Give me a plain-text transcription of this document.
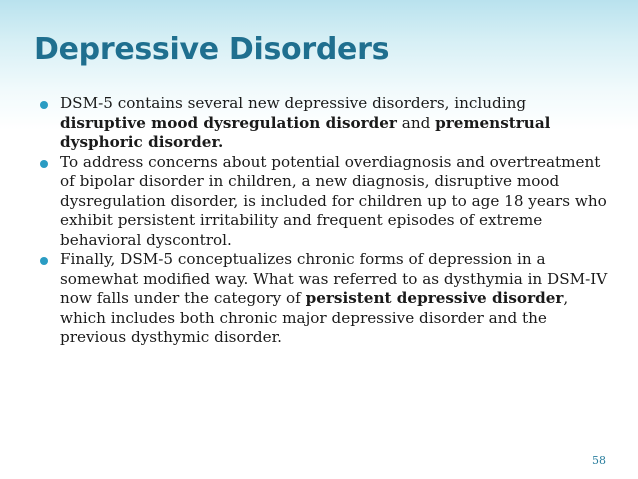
Depressive Disorders
DSM-5 contains several new depressive disorders, including disruptive mood dysregulation disorder and premenstrual dysphoric disorder.
To address concerns about potential overdiagnosis and overtreatment of bipolar disorder in children, a new diagnosis, disruptive mood dysregulation disorder, is included for children up to age 18 years who exhibit persistent irritability and frequent episodes of extreme behavioral dyscontrol.
Finally, DSM-5 conceptualizes chronic forms of depression in a somewhat modified way. What was referred to as dysthymia in DSM-IV now falls under the category of persistent depressive disorder, which includes both chronic major depressive disorder and the previous dysthymic disorder.
58
